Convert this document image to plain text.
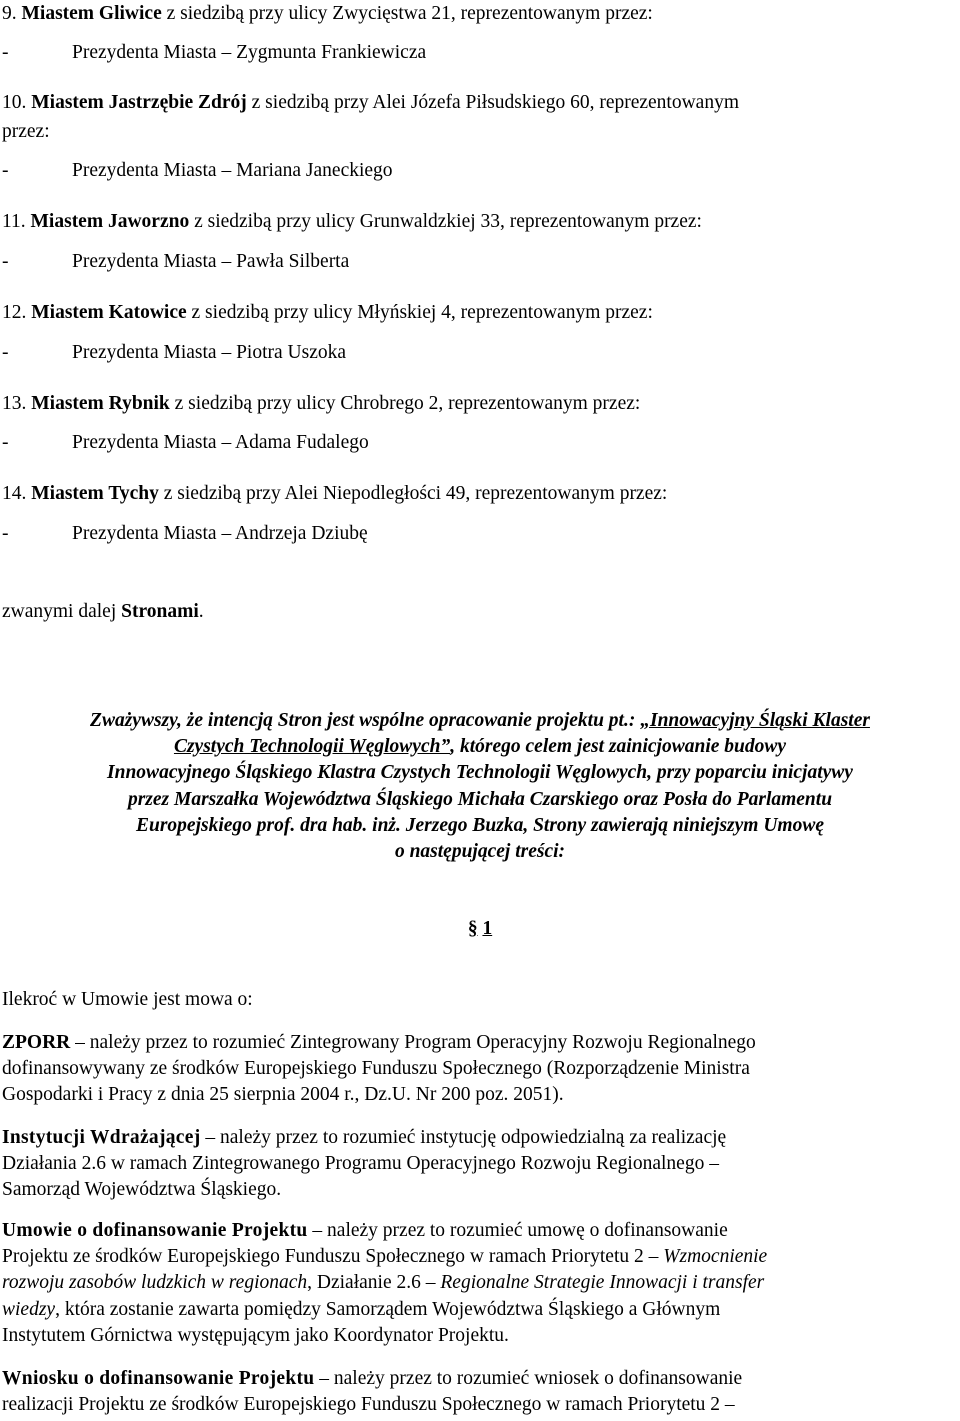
9. Miastem Gliwice z siedzibą przy ulicy Zwycięstwa 21, reprezentowanym przez:
-	Prezydenta Miasta – Zygmunta Frankiewicza
10. Miastem Jastrzębie Zdrój z siedzibą przy Alei Józefa Piłsudskiego 60, reprezentowanym
przez:
-	Prezydenta Miasta – Mariana Janeckiego
11. Miastem Jaworzno z siedzibą przy ulicy Grunwaldzkiej 33, reprezentowanym przez:
-	Prezydenta Miasta – Pawła Silberta
12. Miastem Katowice z siedzibą przy ulicy Młyńskiej 4, reprezentowanym przez:
-	Prezydenta Miasta – Piotra Uszoka
13. Miastem Rybnik z siedzibą przy ulicy Chrobrego 2, reprezentowanym przez:
-	Prezydenta Miasta – Adama Fudalego
14. Miastem Tychy z siedzibą przy Alei Niepodległości 49, reprezentowanym przez:
-	Prezydenta Miasta – Andrzeja Dziubę
zwanymi dalej Stronami.
Zważywszy, że intencją Stron jest wspólne opracowanie projektu pt.: „Innowacyjny Śląski Klaster
Czystych Technologii Węglowych”, którego celem jest zainicjowanie budowy
Innowacyjnego Śląskiego Klastra Czystych Technologii Węglowych, przy poparciu inicjatywy
przez Marszałka Województwa Śląskiego Michała Czarskiego oraz Posła do Parlamentu
Europejskiego prof. dra hab. inż. Jerzego Buzka, Strony zawierają niniejszym Umowę
o następującej treści:
§ 1
Ilekroć w Umowie jest mowa o:

ZPORR – należy przez to rozumieć Zintegrowany Program Operacyjny Rozwoju Regionalnego

dofinansowywany ze środków Europejskiego Funduszu Społecznego (Rozporządzenie Ministra

Gospodarki i Pracy z dnia 25 sierpnia 2004 r., Dz.U. Nr 200 poz. 2051).

Instytucji Wdrażającej – należy przez to rozumieć instytucję odpowiedzialną za realizację

Działania 2.6 w ramach Zintegrowanego Programu Operacyjnego Rozwoju Regionalnego –

Samorząd Województwa Śląskiego.

Umowie o dofinansowanie Projektu – należy przez to rozumieć umowę o dofinansowanie

Projektu ze środków Europejskiego Funduszu Społecznego w ramach Priorytetu 2 – Wzmocnienie

rozwoju zasobów ludzkich w regionach, Działanie 2.6 – Regionalne Strategie Innowacji i transfer

wiedzy, która zostanie zawarta pomiędzy Samorządem Województwa Śląskiego a Głównym

Instytutem Górnictwa występującym jako Koordynator Projektu.

Wniosku o dofinansowanie Projektu – należy przez to rozumieć wniosek o dofinansowanie

realizacji Projektu ze środków Europejskiego Funduszu Społecznego w ramach Priorytetu 2 –
